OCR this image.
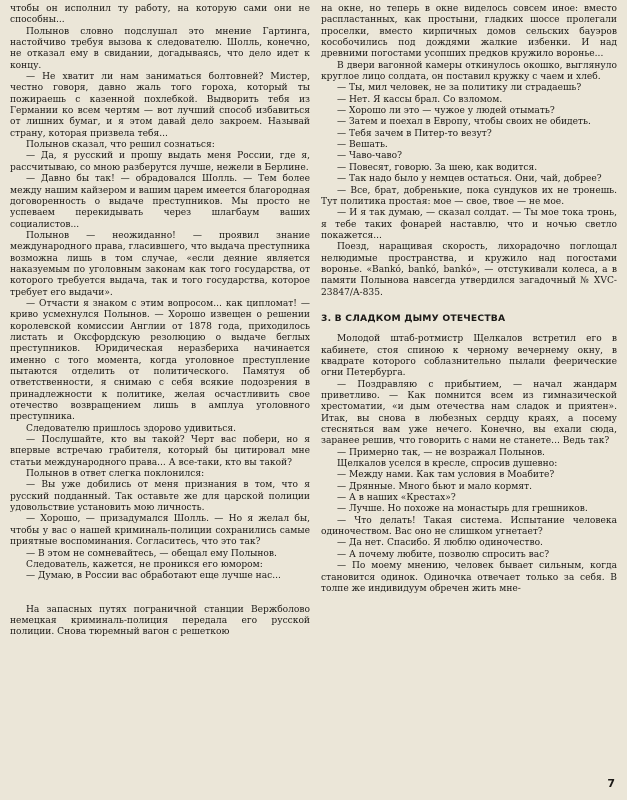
чтобы он исполнил ту работу, на которую сами они не способны...

Полынов словно подслушал это мнение Гартинга, настойчиво требуя вызова к следователю. Шолль, конечно, не отказал ему в свидании, догадываясь, что дело идет к концу.

— Не хватит ли нам заниматься болтовней? Мистер, честно говоря, давно жаль того гороха, который ты пожираешь с казенной похлебкой. Выдворить тебя из Германии ко всем чертям — вот лучший способ избавиться от лишних бумаг, и я этом давай дело закроем. Называй страну, которая призвела тебя...

Полынов сказал, что решил сознаться:

— Да, я русский и прошу выдать меня России, где я, рассчитываю, со мною разберутся лучше, нежели в Берлине.

— Давно бы так! — обрадовался Шолль. — Тем более между нашим кайзером и вашим царем имеется благородная договоренность о выдаче преступников. Мы просто не успеваем перекидывать через шлагбаум ваших социалистов...

Полынов — неожиданно! — проявил знание международного права, гласившего, что выдача преступника возможна лишь в том случае, «если деяние является наказуемым по уголовным законам как того государства, от которого требуется выдача, так и того государства, которое требует его выдачи».

— Отчасти я знаком с этим вопросом... как ципломат! — криво усмехнулся Полынов. — Хорошо извещен о решении королевской комиссии Англии от 1878 года, приходилось листать и Оксфордскую резолюцию о выдаче беглых преступников. Юридическая неразбериха начинается именно с того момента, когда уголовное преступление пытаются отделить от политического. Памятуя об ответственности, я снимаю с себя всякие подозрения в принадлежности к политике, желая осчастливить свое отечество возвращением лишь в амплуа уголовного преступника.

Следователю пришлось здорово удивиться.

— Послушайте, кто вы такой? Черт вас побери, но я впервые встречаю грабителя, который бы цитировал мне статьи международного права... А все-таки, кто вы такой?

Полынов в ответ слегка поклонился:

— Вы уже добились от меня признания в том, что я русский подданный. Так оставьте же для царской полиции удовольствие установить мою личность.

— Хорошо, — призадумался Шолль. — Но я желал бы, чтобы у вас о нашей криминаль-полиции сохранились самые приятные воспоминания. Согласитесь, что это так?

— В этом не сомневайтесь, — обещал ему Полынов.

Следователь, кажется, не проникся его юмором:

— Думаю, в России вас обработают еще лучше нас...

На запасных путях пограничной станции Вержболово немецкая криминаль-полиция передала его русской полиции. Снова тюремный вагон с решеткою

на окне, но теперь в окне виделось совсем иное: вместо распластанных, как простыни, гладких шоссе пролегали проселки, вместо кирпичных домов сельских бауэров кособочились под дождями жалкие избенки. И над древними погостами усопших предков кружило воронье...

В двери вагонной камеры откинулось окошко, выглянуло круглое лицо солдата, он поставил кружку с чаем и хлеб.

— Ты, мил человек, не за политику ли страдаешь?

— Нет. Я кассы брал. Со взломом.

— Хорошо ли это — чужое у людей отымать?

— Затем и поехал в Европу, чтобы своих не обидеть.

— Тебя зачем в Питер-то везут?

— Вешать.

— Чаво-чаво?

— Повесят, говорю. За шею, как водится.

— Так надо было у немцев остаться. Они, чай, добрее?

— Все, брат, добренькие, пока сундуков их не тронешь. Тут политика простая: мое — свое, твое — не мое.

— И я так думаю, — сказал солдат. — Ты мое тока тронь, я тебе таких фонарей наставлю, что и ночью светло покажется...

Поезд, наращивая скорость, лихорадочно поглощал нелюдимые пространства, и кружило над погостами воронье. «Bankó, bankó, bankó», — отстукивали колеса, а в памяти Полынова навсегда утвердился загадочный № XVC-23847/A-835.

3. В СЛАДКОМ ДЫМУ ОТЕЧЕСТВА

Молодой штаб-ротмистр Щелкалов встретил его в кабинете, стоя спиною к черному вечернему окну, в квадрате которого соблазнительно пылали феерические огни Петербурга.

— Поздравляю с прибытием, — начал жандарм приветливо. — Как помнится всем из гимназической хрестоматии, «и дым отечества нам сладок и приятен». Итак, вы снова в любезных сердцу краях, а посему стесняться вам уже нечего. Конечно, вы ехали сюда, заранее решив, что говорить с нами не станете... Ведь так?

— Примерно так, — не возражал Полынов.

Щелкалов уселся в кресле, спросив душевно:

— Между нами. Как там условия в Моабите?

— Дрянные. Много бьют и мало кормят.

— А в наших «Крестах»?

— Лучше. Но похоже на монастырь для грешников.

— Что делать! Такая система. Испытание человека одиночеством. Вас оно не слишком угнетает?

— Да нет. Спасибо. Я люблю одиночество.

— А почему любите, позволю спросить вас?

— По моему мнению, человек бывает сильным, когда становится одинок. Одиночка отвечает только за себя. В толпе же индивидуум обречен жить мне-

7
